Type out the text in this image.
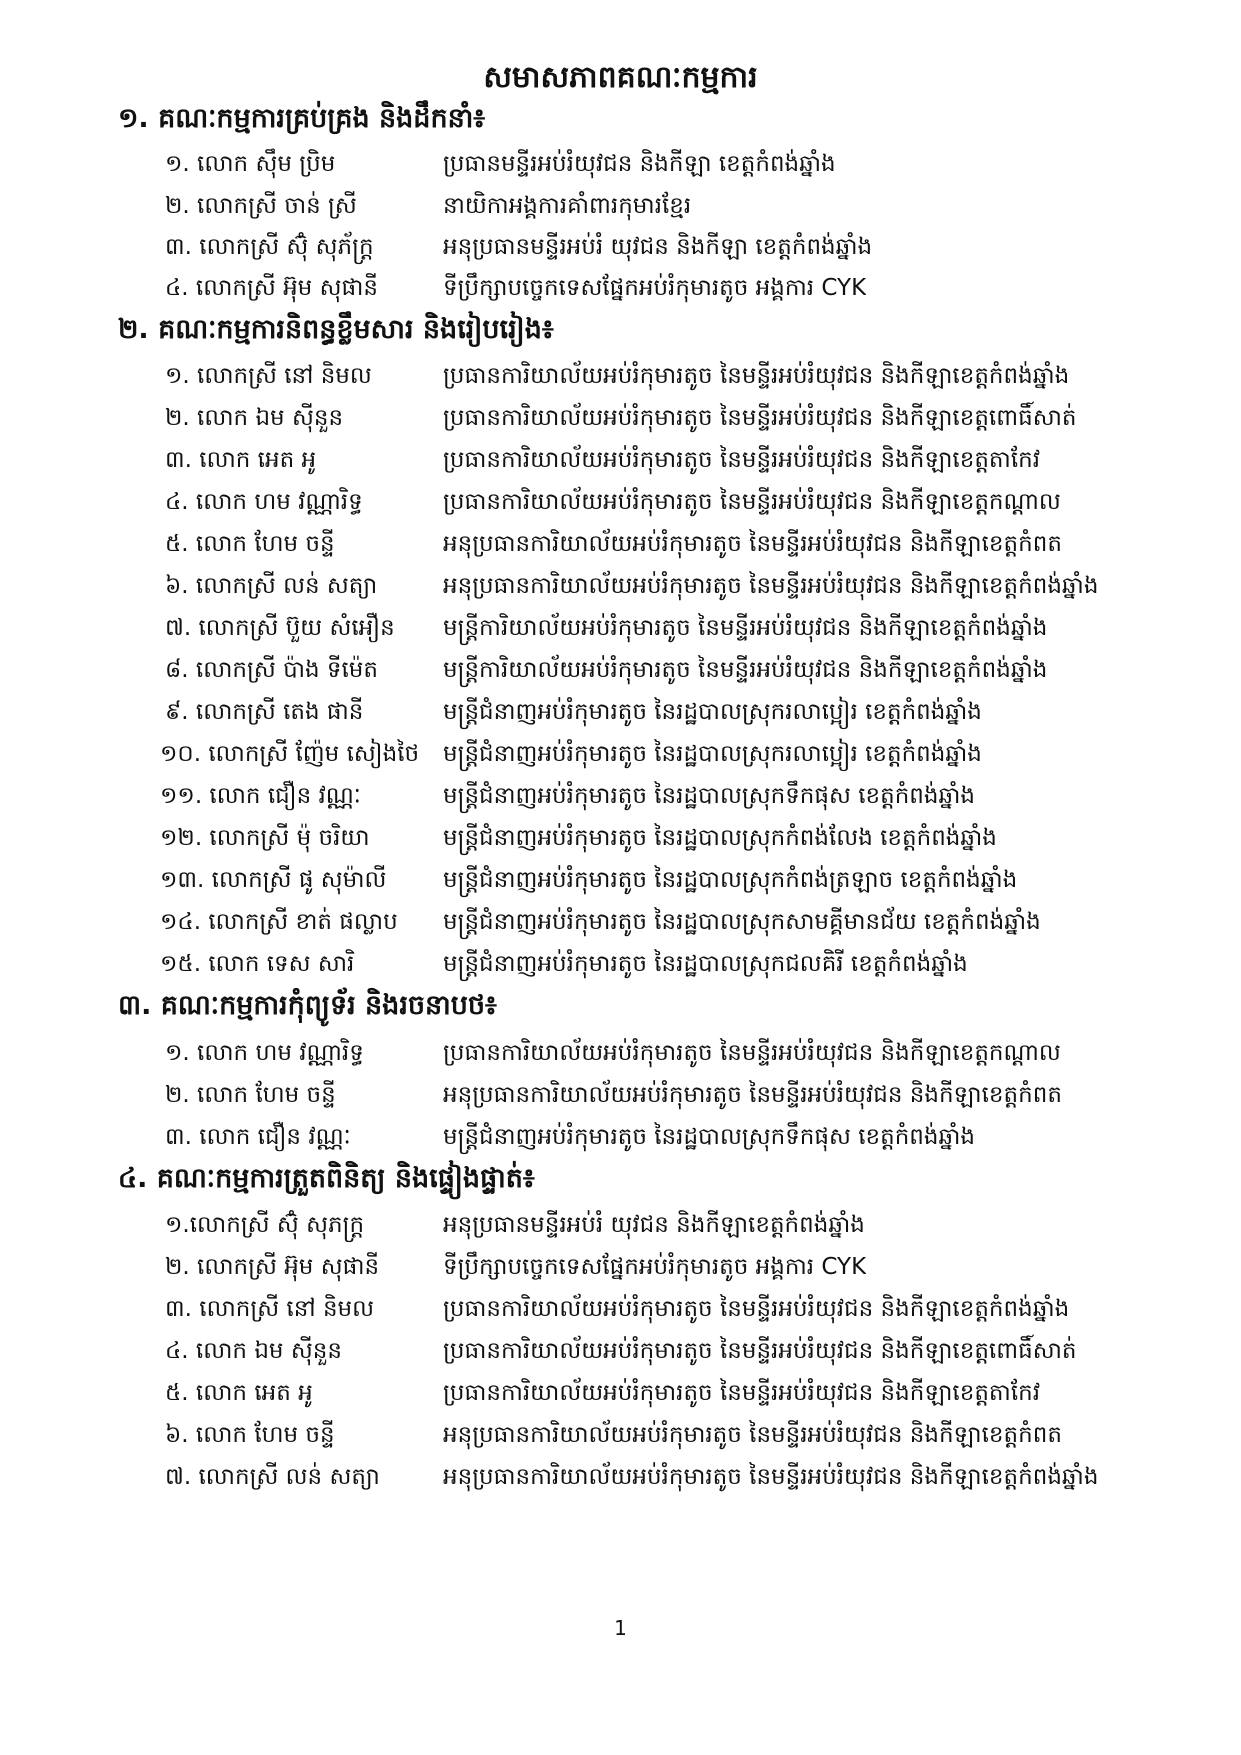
សមាសភាពគណៈកម្មការ
១. គណៈកម្មការគ្រប់គ្រង និងដឹកនាំ៖
១. លោក ស៊ឹម ប្រិម	ប្រធានមន្ទីរអប់រំយុវជន និងកីឡា ខេត្តកំពង់ឆ្នាំង
២. លោកស្រី ចាន់ ស្រី	នាយិកាអង្គការគាំពារកុមារខ្មែរ
៣. លោកស្រី ស៊ុំ សុភ័ក្ត្រ	អនុប្រធានមន្ទីរអប់រំ យុវជន និងកីឡា ខេត្តកំពង់ឆ្នាំង
៤. លោកស្រី អ៊ុម សុផានី	ទីប្រឹក្សាបច្ចេកទេសផ្នែកអប់រំកុមារតូច អង្គការ CYK
២. គណៈកម្មការនិពន្ធខ្លឹមសារ និងរៀបរៀង៖
១. លោកស្រី នៅ និមល	ប្រធានការិយាល័យអប់រំកុមារតូច នៃមន្ទីរអប់រំយុវជន និងកីឡាខេត្តកំពង់ឆ្នាំង
២. លោក ឯម ស៊ីនួន	ប្រធានការិយាល័យអប់រំកុមារតូច នៃមន្ទីរអប់រំយុវជន និងកីឡាខេត្តពោធិ៍សាត់
៣. លោក អេត អូ	ប្រធានការិយាល័យអប់រំកុមារតូច នៃមន្ទីរអប់រំយុវជន និងកីឡាខេត្តតាកែវ
៤. លោក ហម វណ្ណារិទ្ធ	ប្រធានការិយាល័យអប់រំកុមារតូច នៃមន្ទីរអប់រំយុវជន និងកីឡាខេត្តកណ្តាល
៥. លោក ហែម ចន្ទី	អនុប្រធានការិយាល័យអប់រំកុមារតូច នៃមន្ទីរអប់រំយុវជន និងកីឡាខេត្តកំពត
៦. លោកស្រី លន់ សត្យា	អនុប្រធានការិយាល័យអប់រំកុមារតូច នៃមន្ទីរអប់រំយុវជន និងកីឡាខេត្តកំពង់ឆ្នាំង
៧. លោកស្រី ប៊ួយ សំអឿន មន្ត្រីការិយាល័យអប់រំកុមារតូច នៃមន្ទីរអប់រំយុវជន និងកីឡាខេត្តកំពង់ឆ្នាំង
៨. លោកស្រី ប៉ាង ទីម៉េត	មន្ត្រីការិយាល័យអប់រំកុមារតូច នៃមន្ទីរអប់រំយុវជន និងកីឡាខេត្តកំពង់ឆ្នាំង
៩. លោកស្រី តេង ផានី	មន្ត្រីជំនាញអប់រំកុមារតូច នៃរដ្ឋបាលស្រុករលាប្អៀរ ខេត្តកំពង់ឆ្នាំង
១០. លោកស្រី ញ៉ែម សៀងថៃ មន្ត្រីជំនាញអប់រំកុមារតូច នៃរដ្ឋបាលស្រុករលាប្អៀរ ខេត្តកំពង់ឆ្នាំង
១១. លោក ជឿន វណ្ណៈ	មន្ត្រីជំនាញអប់រំកុមារតូច នៃរដ្ឋបាលស្រុកទឹកផុស ខេត្តកំពង់ឆ្នាំង
១២. លោកស្រី ម៉ុ ចរិយា	មន្ត្រីជំនាញអប់រំកុមារតូច នៃរដ្ឋបាលស្រុកកំពង់លែង ខេត្តកំពង់ឆ្នាំង
១៣. លោកស្រី ផូ សុម៉ាលី មន្ត្រីជំនាញអប់រំកុមារតូច នៃរដ្ឋបាលស្រុកកំពង់ត្រឡាច ខេត្តកំពង់ឆ្នាំង
១៤. លោកស្រី ខាត់ ផល្លាប មន្ត្រីជំនាញអប់រំកុមារតូច នៃរដ្ឋបាលស្រុកសាមគ្គីមានជ័យ ខេត្តកំពង់ឆ្នាំង
១៥. លោក ទេស សារិ	មន្ត្រីជំនាញអប់រំកុមារតូច នៃរដ្ឋបាលស្រុកជលគិរី ខេត្តកំពង់ឆ្នាំង
៣. គណៈកម្មការកុំព្យូទ័រ និងរចនាបថ៖
១. លោក ហម វណ្ណារិទ្ធ	ប្រធានការិយាល័យអប់រំកុមារតូច នៃមន្ទីរអប់រំយុវជន និងកីឡាខេត្តកណ្តាល
២. លោក ហែម ចន្ទី	អនុប្រធានការិយាល័យអប់រំកុមារតូច នៃមន្ទីរអប់រំយុវជន និងកីឡាខេត្តកំពត
៣. លោក ជឿន វណ្ណៈ	មន្ត្រីជំនាញអប់រំកុមារតូច នៃរដ្ឋបាលស្រុកទឹកផុស ខេត្តកំពង់ឆ្នាំង
៤. គណៈកម្មការត្រួតពិនិត្យ និងផ្ទៀងផ្ទាត់៖
១.លោកស្រី ស៊ុំ សុភក្រ្ត	អនុប្រធានមន្ទីរអប់រំ យុវជន និងកីឡាខេត្តកំពង់ឆ្នាំង
២. លោកស្រី អ៊ុម សុផានី	ទីប្រឹក្សាបច្ចេកទេសផ្នែកអប់រំកុមារតូច អង្គការ CYK
៣. លោកស្រី នៅ និមល	ប្រធានការិយាល័យអប់រំកុមារតូច នៃមន្ទីរអប់រំយុវជន និងកីឡាខេត្តកំពង់ឆ្នាំង
៤. លោក ឯម ស៊ីនួន	ប្រធានការិយាល័យអប់រំកុមារតូច នៃមន្ទីរអប់រំយុវជន និងកីឡាខេត្តពោធិ៍សាត់
៥. លោក អេត អូ	ប្រធានការិយាល័យអប់រំកុមារតូច នៃមន្ទីរអប់រំយុវជន និងកីឡាខេត្តតាកែវ
៦. លោក ហែម ចន្ទី	អនុប្រធានការិយាល័យអប់រំកុមារតូច នៃមន្ទីរអប់រំយុវជន និងកីឡាខេត្តកំពត
៧. លោកស្រី លន់ សត្យា	អនុប្រធានការិយាល័យអប់រំកុមារតូច នៃមន្ទីរអប់រំយុវជន និងកីឡាខេត្តកំពង់ឆ្នាំង
1
